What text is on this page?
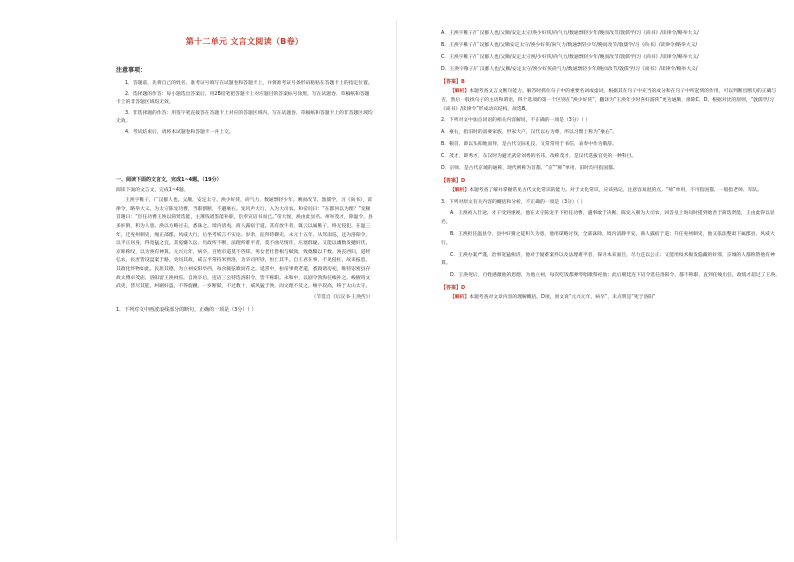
第十二单元 文言文阅读（B卷）
注意事项：

1．答题前，先将自己的姓名、准考证号填写在试题卷和答题卡上，并将准考证号条形码粘贴在答题卡上的指定位置。

2．选择题的作答：每小题选出答案后，用2B铅笔把答题卡上对应题目的答案标号涂黑，写在试题卷、草稿纸和答题卡上的非答题区域均无效。

3．非选择题的作答：用签字笔直接答在答题卡上对应的答题区域内。写在试题卷、草稿纸和答题卡上的非答题区域均无效。

4．考试结束后，请将本试题卷和答题卡一并上交。

一、阅读下面的文言文，完成1~4题。（19分）

阅读下面的文言文，完成1~4题。

王涣字稚子，广汉郪人也。父顺，安定太守。涣少好侠，尚气力，数通剽轻少年。晚而改节，敦儒学，习《尚书》，读律令，略举大义。为太守陈宠功曹，当职割断，不避豪右。宠风声大行，入为大司农。和帝问曰：“在郡何以为理？”宠顿首谢曰：“臣任功曹王涣以简贤选能，主簿钱谱鉴能补职，臣奉宣诏书而已。”帝大悦，涣由此显名。州举茂才，除温令。县多奸猾，积为人患。涣以方略讨击，悉诛之。境内清夷，商人露宿于道。其有放牛者，辄云以属稚子，终无侵犯。在温三年，迁兖州刺史，绳正部郡，风威大行。后坐考妖言不实论。岁余，征拜侍御史。永元十五年，从驾南巡，还为洛阳令。以平正居身，得宽猛之宜。其冤嫌久讼，历政所不断，法理所难平者，莫不曲尽情诈，压塞群疑。又能以谲数发擿奸伏。京师称叹，以为涣有神算。元兴元年，病卒。百姓市道莫不咨嗟。男女老壮皆相与赋敛，致奠醊以千数。涣丧西归，道经弘农，民庶皆设盘案于路。吏问其故，咸言平常持米到洛，为卒司所钞，恒亡其半。自王君在事，不见侵枉，故来报恩。其政化怀物如此。民思其德，为立祠安阳亭西，每食辄弦歌而荐之。延熹中，桓帝事黄老道，悉毁诸房祀，唯特诏密县存故太傅卓茂庙，洛阳留王涣祠焉。自涣卒后，连诏三公特选洛阳令，皆不称职。永和中，以剧令勃海任峻补之。峻擢用文武吏，皆尽其能，纠剔奸盗，不得旋踵，一岁断狱，不过数十，威风猛于涣，而文理不及之。峻字叔高，终于太山太守。

（节选自《后汉书·王涣传》）
1．下列对文中画波浪线部分的断句，正确的一项是（3分）（ ）

A．王涣字稚子/广汉郪人也/父顺/安定太守/涣少好侠/尚气力/数通剽轻少年/晚而改节/敦儒学/习《尚书》/读律令/略举大义/

B．王涣字稚子/广汉郪人也/父顺安定太守/涣少好侠/尚气力/数通剽轻少年/晚而改节/敦儒学/习《尚书》/读律令/略举大义/

C．王涣字稚子/广汉郪人也/父顺/安定太守涣/少好侠/尚气力/数通剽轻少年/晚而改节/敦儒学/习《尚书》/读律令/略举大义/

D．王涣字稚子/广汉郪人也/父顺/安定太守/涣少好侠尚气力/数通剽轻少年/晚而改节/敦儒学/习《尚书》/读律令/略举大义/

【答案】B

【解析】本题考查文言文断句能力。解答时抓住句子中的重要名词或虚词，根据其在句子中充当的成分和在句子中所起到的作用，可以判断出断句的正确与否，然后一般找句子的主语和谓语，四个选项的第一个区别在“涣少好侠”，翻译为“王涣年少时喜好游侠”更为通顺，排除C、D。根据对比的原则，“敦儒学/习《尚书》/读律令”形成动宾结构，故选B。

2．下列对文中加点词语的相关内容解说，不正确的一项是（3分）（ ）

A．豪右，指旧时的富豪家族、世家大户，汉代以右为尊，所以习惯上称为“豪右”。

B．顿首，即以头叩地而拜，是古代交际礼仪，又常常用于书信、表奏中作为敬辞。

C．茂才，即秀才，东汉时为避光武帝刘秀的名讳，改称茂才，是汉代选拔官吏的一种科目。

D．京师，是古代京城的通称，现代则称为首都，“京”“师”单用，旧时均可指国都。

【答案】D

【解析】本题考查了解并掌握常见古代文化常识的能力。对于文化常识，应该熟记，注意容易混的点。“师”单用，不可指国都，一般指老师、军队。

3．下列对原文有关内容的概括和分析，不正确的一项是（3分）（ ）

A．王涣初入仕途，才干受到重视，他在太守陈宠手下担任功曹，遇事敢于决断，陈宠入朝为大司农，回答皇上询问时提到他善于简选贤能，王由此得以显名。

B．王涣担任温县令，县中奸猾之徒积久为患，他用谋略讨伐，全部诛除，境内清静平安，商人露宿于道；升任兖州刺史，他又依法整肃下属郡县，风威大行。

C．王涣办案严谨，治事宽猛相济，他对于疑难案件以及法理难平者，探寻本来面目，尽力还以公正；又能用权术揭发隐藏的奸邪，京城的人都称赞他有神算。

D．王涣死后，百姓感激他的恩德，为他立祠，每次吃饭都弹琴唱歌祭祀他；此后朝廷连下诏令选任洛阳令，都不称职，直到任峻出任，政绩才超过了王涣。

【答案】D

【解析】本题考查对文章内容的理解概括。D项，原文说“元兴元年，病卒”，未点明是“死于洛阳”
